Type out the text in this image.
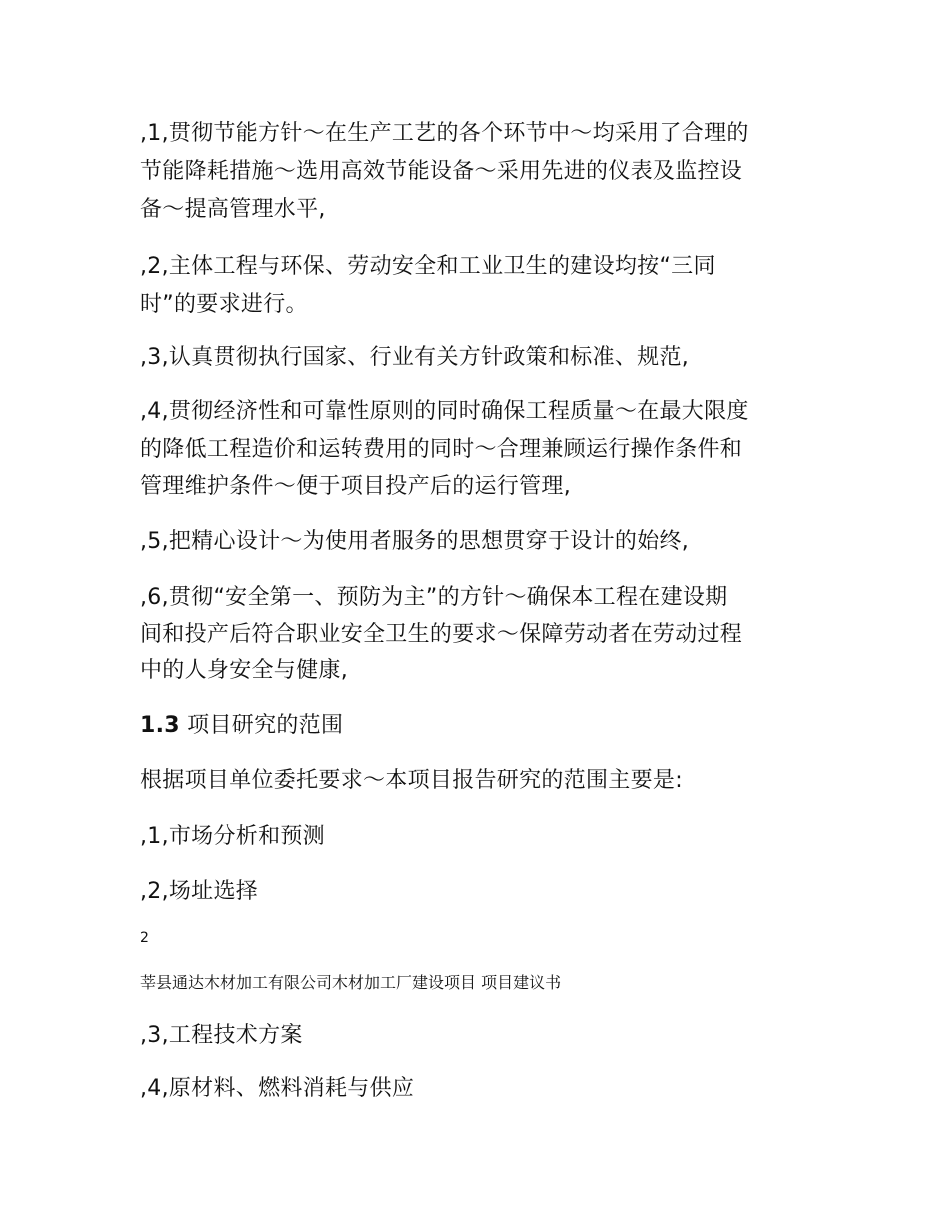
,1,贯彻节能方针～在生产工艺的各个环节中～均采用了合理的
节能降耗措施～选用高效节能设备～采用先进的仪表及监控设
备～提高管理水平,
,2,主体工程与环保、劳动安全和工业卫生的建设均按“三同
时”的要求进行。
,3,认真贯彻执行国家、行业有关方针政策和标准、规范,
,4,贯彻经济性和可靠性原则的同时确保工程质量～在最大限度
的降低工程造价和运转费用的同时～合理兼顾运行操作条件和
管理维护条件～便于项目投产后的运行管理,
,5,把精心设计～为使用者服务的思想贯穿于设计的始终,
,6,贯彻“安全第一、预防为主”的方针～确保本工程在建设期
间和投产后符合职业安全卫生的要求～保障劳动者在劳动过程
中的人身安全与健康,
1.3 项目研究的范围
根据项目单位委托要求～本项目报告研究的范围主要是:
,1,市场分析和预测
,2,场址选择
2
莘县通达木材加工有限公司木材加工厂建设项目 项目建议书
,3,工程技术方案
,4,原材料、燃料消耗与供应
